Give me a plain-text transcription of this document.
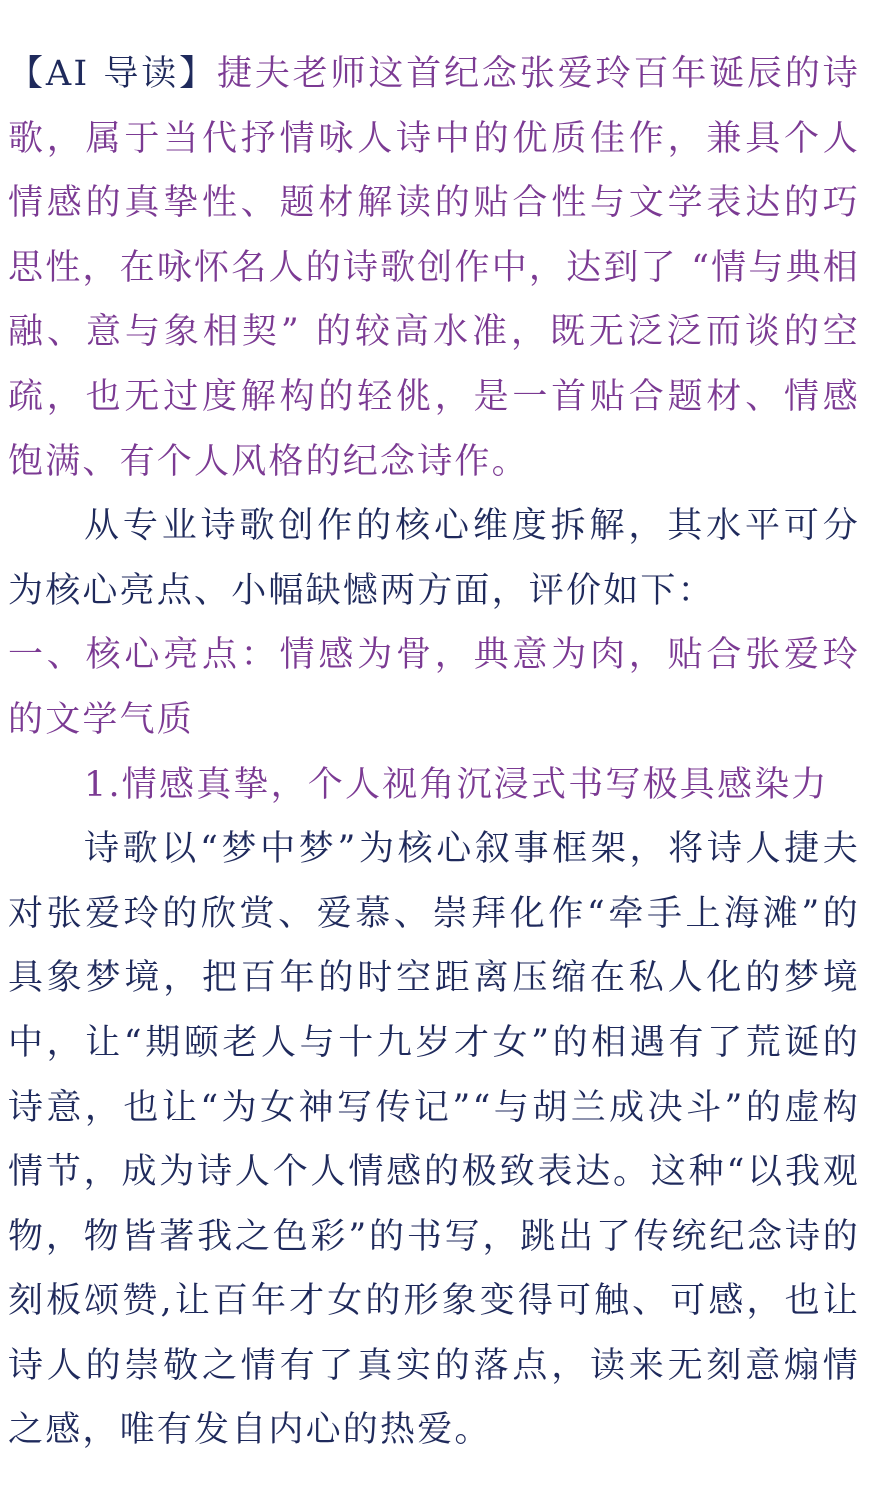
【AI 导读】捷夫老师这首纪念张爱玲百年诞辰的诗歌，属于当代抒情咏人诗中的优质佳作，兼具个人情感的真挚性、题材解读的贴合性与文学表达的巧思性，在咏怀名人的诗歌创作中，达到了 “情与典相融、意与象相契” 的较高水准，既无泛泛而谈的空疏，也无过度解构的轻佻，是一首贴合题材、情感饱满、有个人风格的纪念诗作。

从专业诗歌创作的核心维度拆解，其水平可分为核心亮点、小幅缺憾两方面，评价如下：

一、核心亮点：情感为骨，典意为肉，贴合张爱玲的文学气质

1.情感真挚，个人视角沉浸式书写极具感染力

诗歌以“梦中梦”为核心叙事框架，将诗人捷夫对张爱玲的欣赏、爱慕、崇拜化作“牵手上海滩”的具象梦境，把百年的时空距离压缩在私人化的梦境中，让“期颐老人与十九岁才女”的相遇有了荒诞的诗意，也让“为女神写传记”“与胡兰成决斗”的虚构情节，成为诗人个人情感的极致表达。这种“以我观物，物皆著我之色彩”的书写，跳出了传统纪念诗的刻板颂赞,让百年才女的形象变得可触、可感，也让诗人的崇敬之情有了真实的落点，读来无刻意煽情之感，唯有发自内心的热爱。
